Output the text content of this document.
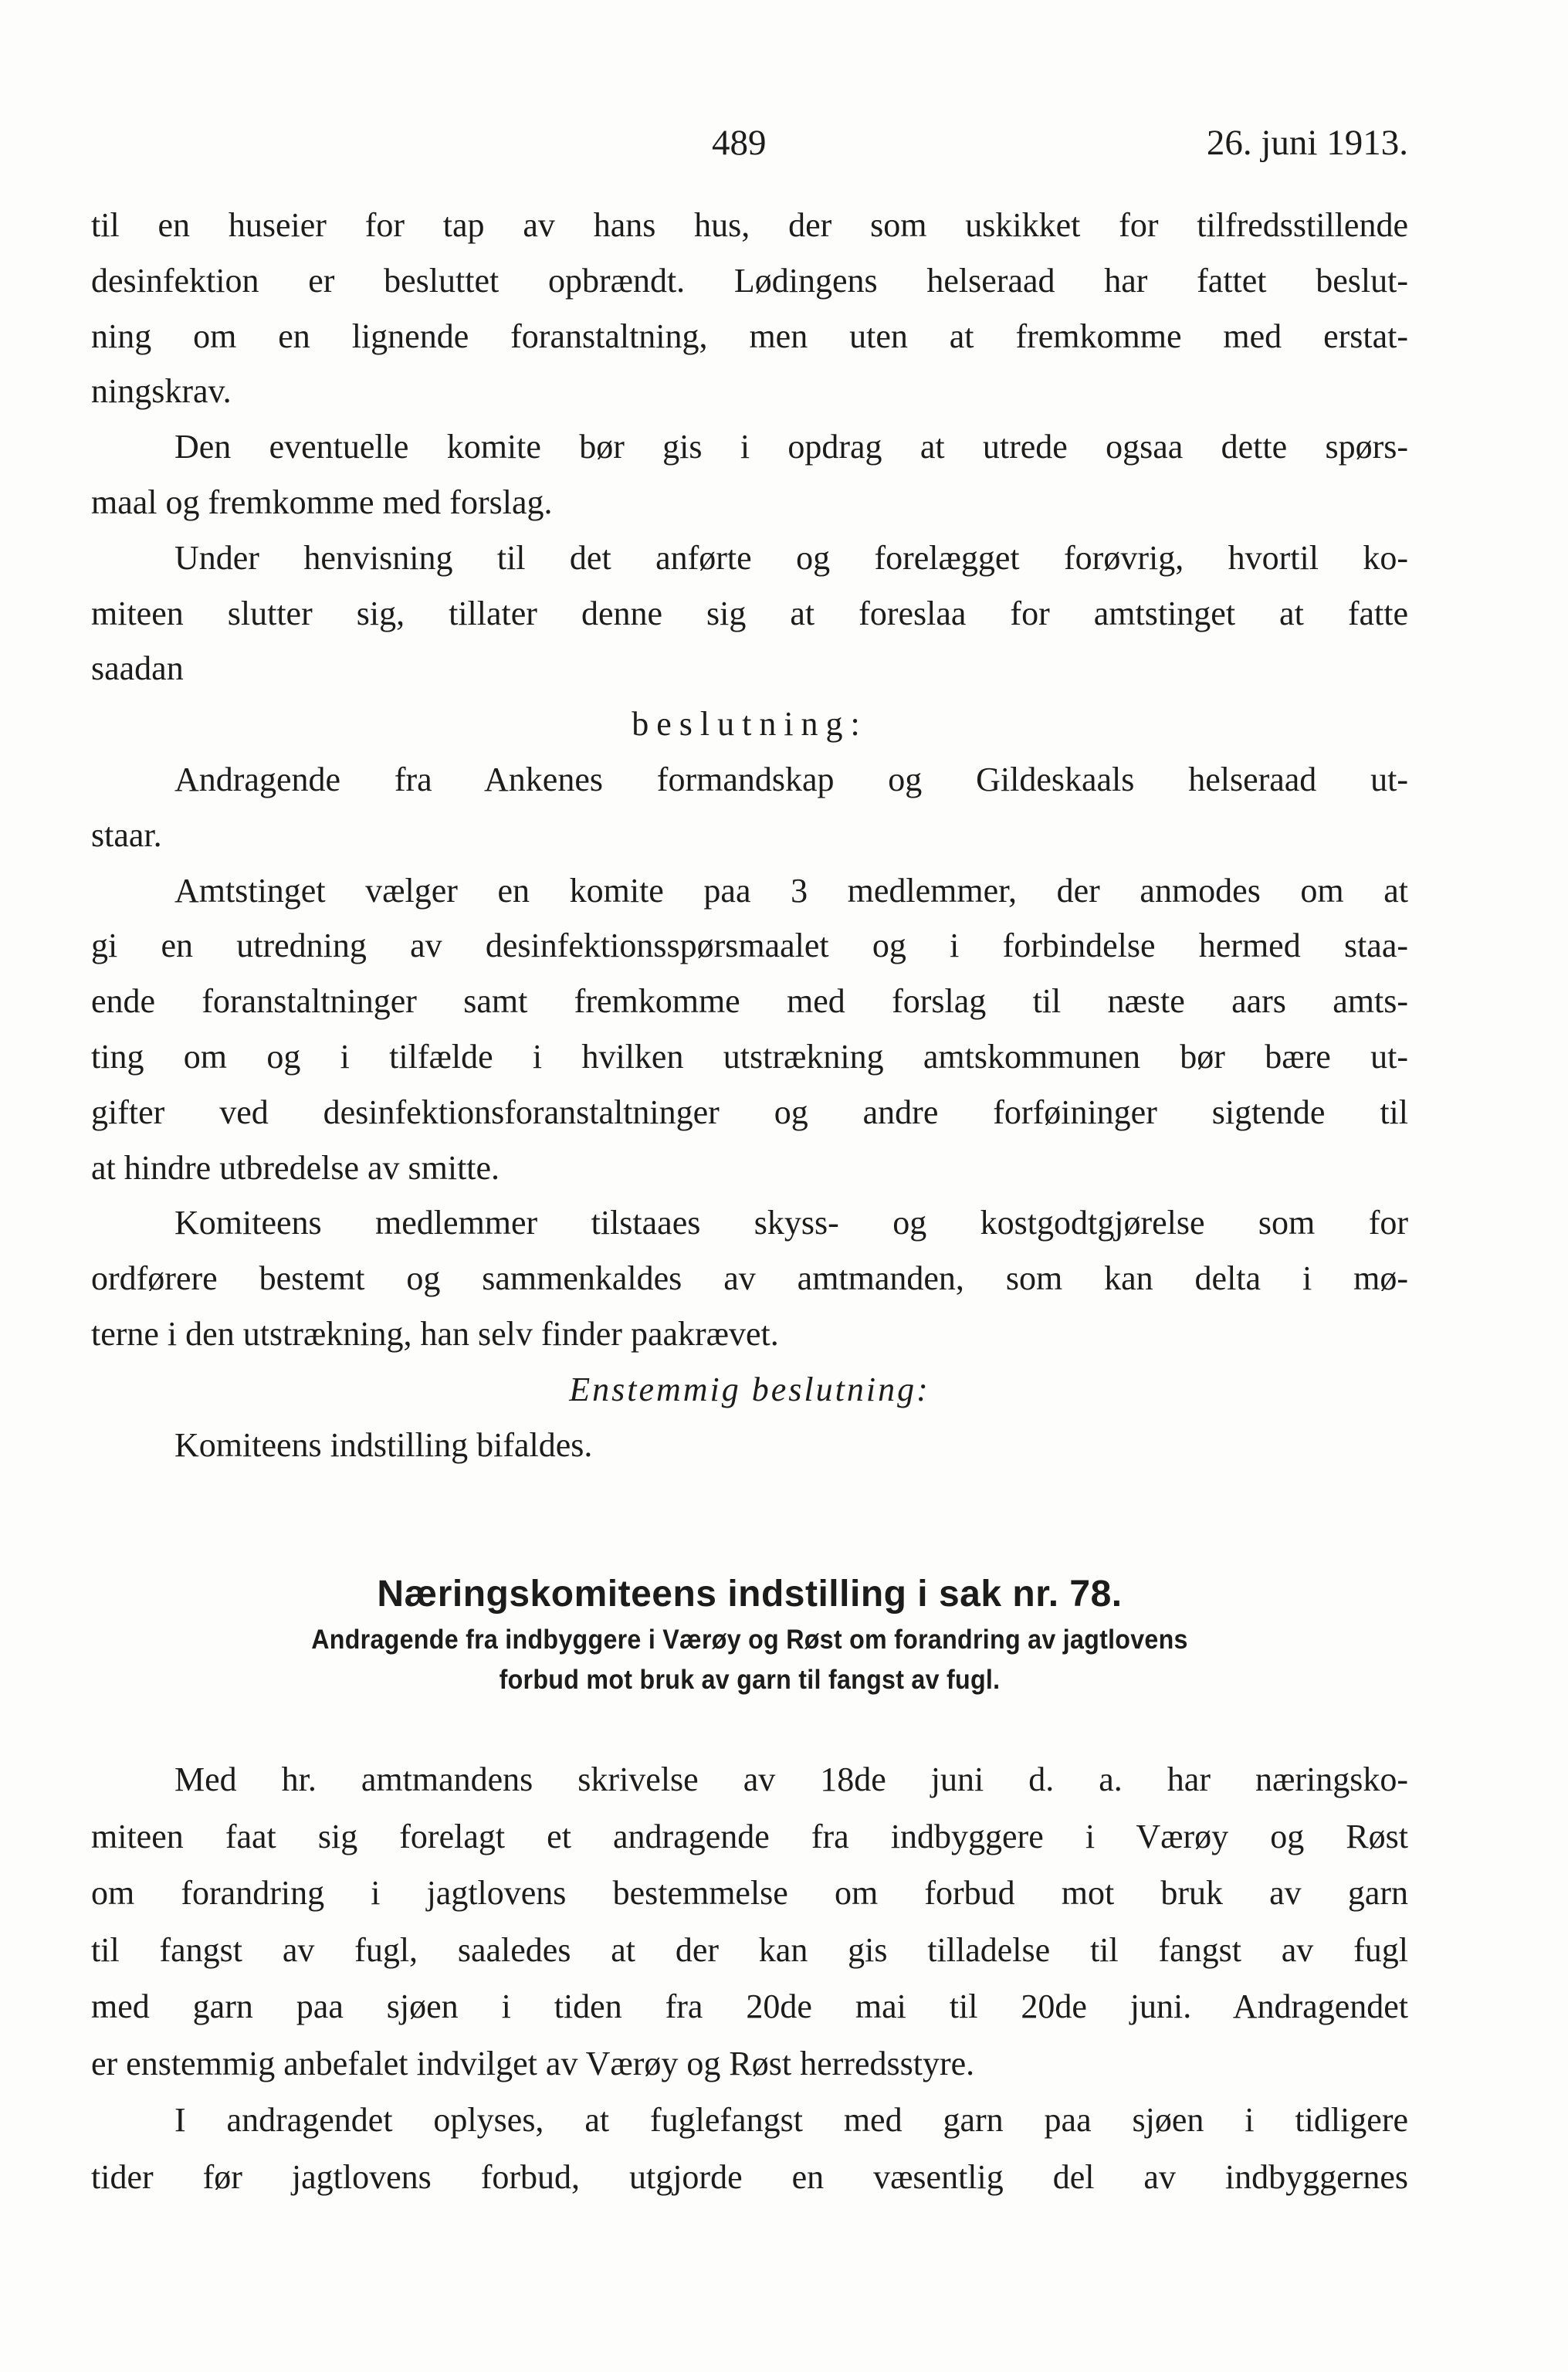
489	26. juni 1913.
til en huseier for tap av hans hus, der som uskikket for tilfredsstillende
desinfektion er besluttet opbrændt. Lødingens helseraad har fattet beslut-
ning om en lignende foranstaltning, men uten at fremkomme med erstat-
ningskrav.
Den eventuelle komite bør gis i opdrag at utrede ogsaa dette spørs-
maal og fremkomme med forslag.
Under henvisning til det anførte og forelægget forøvrig, hvortil ko-
miteen slutter sig, tillater denne sig at foreslaa for amtstinget at fatte
saadan
beslutning:
Andragende fra Ankenes formandskap og Gildeskaals helseraad ut-
staar.
Amtstinget vælger en komite paa 3 medlemmer, der anmodes om at
gi en utredning av desinfektionsspørsmaalet og i forbindelse hermed staa-
ende foranstaltninger samt fremkomme med forslag til næste aars amts-
ting om og i tilfælde i hvilken utstrækning amtskommunen bør bære ut-
gifter ved desinfektionsforanstaltninger og andre forføininger sigtende til
at hindre utbredelse av smitte.
Komiteens medlemmer tilstaaes skyss- og kostgodtgjørelse som for
ordførere bestemt og sammenkaldes av amtmanden, som kan delta i mø-
terne i den utstrækning, han selv finder paakrævet.
Enstemmig beslutning:
Komiteens indstilling bifaldes.
Næringskomiteens indstilling i sak nr. 78.
Andragende fra indbyggere i Værøy og Røst om forandring av jagtlovens
forbud mot bruk av garn til fangst av fugl.
Med hr. amtmandens skrivelse av 18de juni d. a. har næringsko-
miteen faat sig forelagt et andragende fra indbyggere i Værøy og Røst
om forandring i jagtlovens bestemmelse om forbud mot bruk av garn
til fangst av fugl, saaledes at der kan gis tilladelse til fangst av fugl
med garn paa sjøen i tiden fra 20de mai til 20de juni. Andragendet
er enstemmig anbefalet indvilget av Værøy og Røst herredsstyre.
I andragendet oplyses, at fuglefangst med garn paa sjøen i tidligere
tider før jagtlovens forbud, utgjorde en væsentlig del av indbyggernes
